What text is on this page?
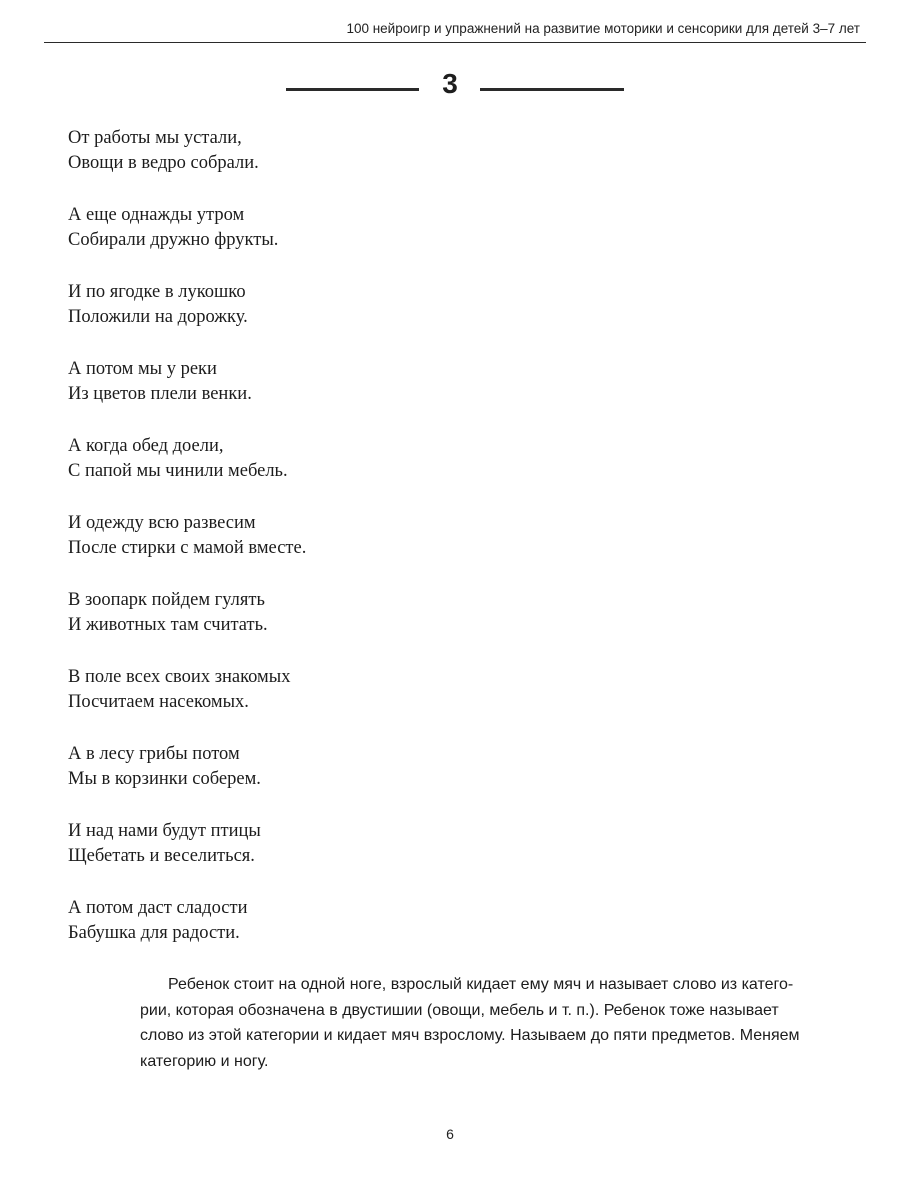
100 нейроигр и упражнений на развитие моторики и сенсорики для детей 3–7 лет
3
От работы мы устали,
Овощи в ведро собрали.
А еще однажды утром
Собирали дружно фрукты.
И по ягодке в лукошко
Положили на дорожку.
А потом мы у реки
Из цветов плели венки.
А когда обед доели,
С папой мы чинили мебель.
И одежду всю развесим
После стирки с мамой вместе.
В зоопарк пойдем гулять
И животных там считать.
В поле всех своих знакомых
Посчитаем насекомых.
А в лесу грибы потом
Мы в корзинки соберем.
И над нами будут птицы
Щебетать и веселиться.
А потом даст сладости
Бабушка для радости.
Ребенок стоит на одной ноге, взрослый кидает ему мяч и называет слово из катего-
рии, которая обозначена в двустишии (овощи, мебель и т. п.). Ребенок тоже называет
слово из этой категории и кидает мяч взрослому. Называем до пяти предметов. Меняем
категорию и ногу.
6
